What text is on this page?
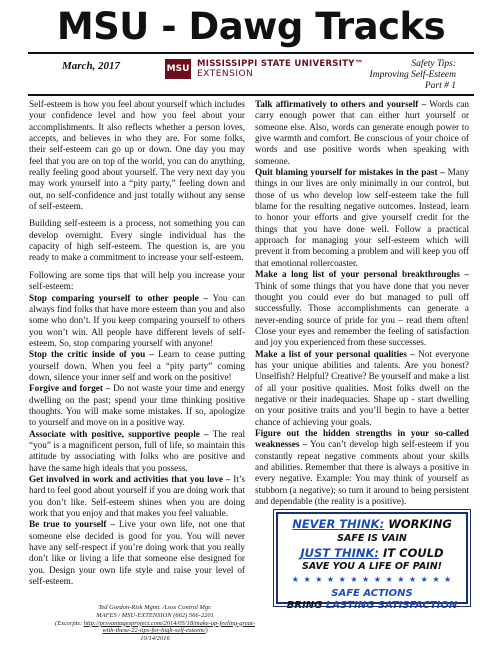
MSU - Dawg Tracks
March, 2017	MSU MISSISSIPPI STATE UNIVERSITY™
EXTENSION
Safety Tips:
Improving Self-Esteem
Part # 1

Self-esteem is how you feel about yourself which includes your confidence level and how you feel about your accomplishments. It also reflects whether a person loves, accepts, and believes in who they are. For some folks, their self-esteem can go up or down. One day you may feel that you are on top of the world, you can do anything, really feeling good about yourself. The very next day you may work yourself into a “pity party,” feeling down and out, no self-confidence and just totally without any sense of self-esteem.

Building self-esteem is a process, not something you can develop overnight. Every single individual has the capacity of high self-esteem. The question is, are you ready to make a commitment to increase your self-esteem.

Following are some tips that will help you increase your self-esteem:

Stop comparing yourself to other people – You can always find folks that have more esteem than you and also some who don’t. If you keep comparing yourself to others you won’t win. All people have different levels of self-esteem. So, stop comparing yourself with anyone!

Stop the critic inside of you – Learn to cease putting yourself down. When you feel a “pity party” coming down, silence your inner self and work on the positive!

Forgive and forget – Do not waste your time and energy dwelling on the past; spend your time thinking positive thoughts. You will make some mistakes. If so, apologize to yourself and move on in a positive way.

Associate with positive, supportive people – The real “you” is a magnificent person, full of life, so maintain this attitude by associating with folks who are positive and have the same high ideals that you possess.

Get involved in work and activities that you love – It’s hard to feel good about yourself if you are doing work that you don’t like. Self-esteem shines when you are doing work that you enjoy and that makes you feel valuable.

Be true to yourself – Live your own life, not one that someone else decided is good for you. You will never have any self-respect if you’re doing work that you really don’t like or living a life that someone else designed for you. Design your own life style and raise your level of self-esteem.

Talk affirmatively to others and yourself – Words can carry enough power that can either hurt yourself or someone else. Also, words can generate enough power to give warmth and comfort. Be conscious of your choice of words and use positive words when speaking with someone.

Quit blaming yourself for mistakes in the past – Many things in our lives are only minimally in our control, but those of us who develop low self-esteem take the full blame for the resulting negative outcomes. Instead, learn to honor your efforts and give yourself credit for the things that you have done well. Follow a practical approach for managing your self-esteem which will prevent it from becoming a problem and will keep you off that emotional rollercoaster.

Make a long list of your personal breakthroughs – Think of some things that you have done that you never thought you could ever do but managed to pull off successfully. Those accomplishments can generate a never-ending source of pride for you – read them often! Close your eyes and remember the feeling of satisfaction and joy you experienced from these successes.

Make a list of your personal qualities – Not everyone has your unique abilities and talents. Are you honest? Unselfish? Helpful? Creative? Be yourself and make a list of all your positive qualities. Most folks dwell on the negative or their inadequacies. Shape up - start dwelling on your positive traits and you’ll begin to have a better chance of achieving your goals.

Figure out the hidden strengths in your so-called weaknesses – You can’t develop high self-esteem if you constantly repeat negative comments about your skills and abilities. Remember that there is always a positive in every negative. Example: You may think of yourself as stubborn (a negative); so turn it around to being persistent and dependable (the reality is a positive).

NEVER THINK: WORKING
SAFE IS VAIN
JUST THINK: IT COULD
SAVE YOU A LIFE OF PAIN!
★ ★ ★ ★ ★ ★ ★ ★ ★ ★ ★ ★ ★ ★
SAFE ACTIONS
BRING LASTING SATISFACTION
Ted Gordon-Risk Mgmt. /Loss Control Mgr.
MAFES / MSU-EXTENSION (662) 566-2201
(Excerpts: http://prsvantagesproject.com/2014/05/18/make-up-feeling-great-with-these-22-tips-for-high-self-esteem/)
10/14/2016
